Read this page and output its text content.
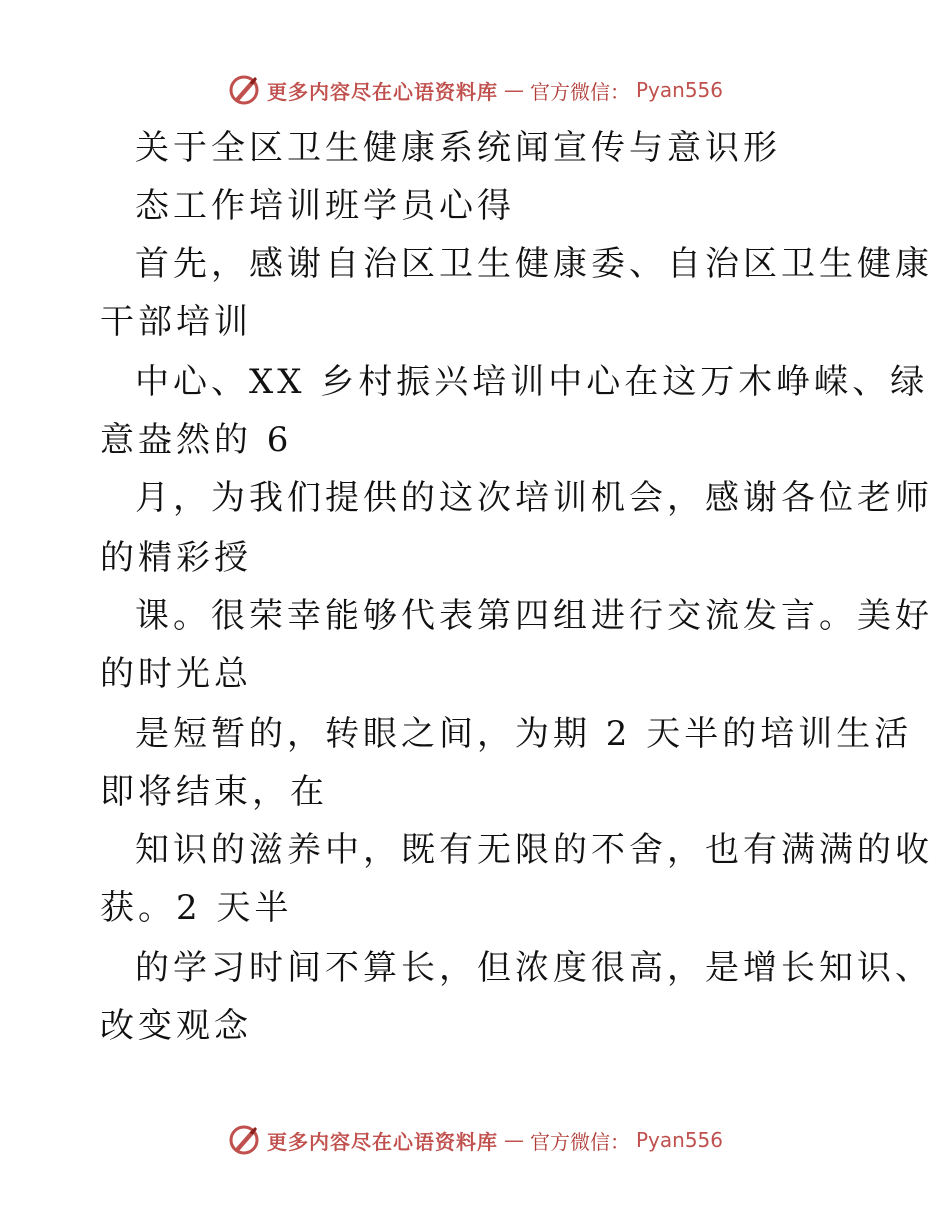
更多内容尽在心语资料库 — 官方微信： Pyan556
关于全区卫生健康系统闻宣传与意识形
态工作培训班学员心得
首先，感谢自治区卫生健康委、自治区卫生健康
干部培训
中心、XX 乡村振兴培训中心在这万木峥嵘、绿
意盎然的 6
月，为我们提供的这次培训机会，感谢各位老师
的精彩授
课。很荣幸能够代表第四组进行交流发言。美好
的时光总
是短暂的，转眼之间，为期 2 天半的培训生活
即将结束，在
知识的滋养中，既有无限的不舍，也有满满的收
获。2 天半
的学习时间不算长，但浓度很高，是增长知识、
改变观念
更多内容尽在心语资料库 — 官方微信： Pyan556
